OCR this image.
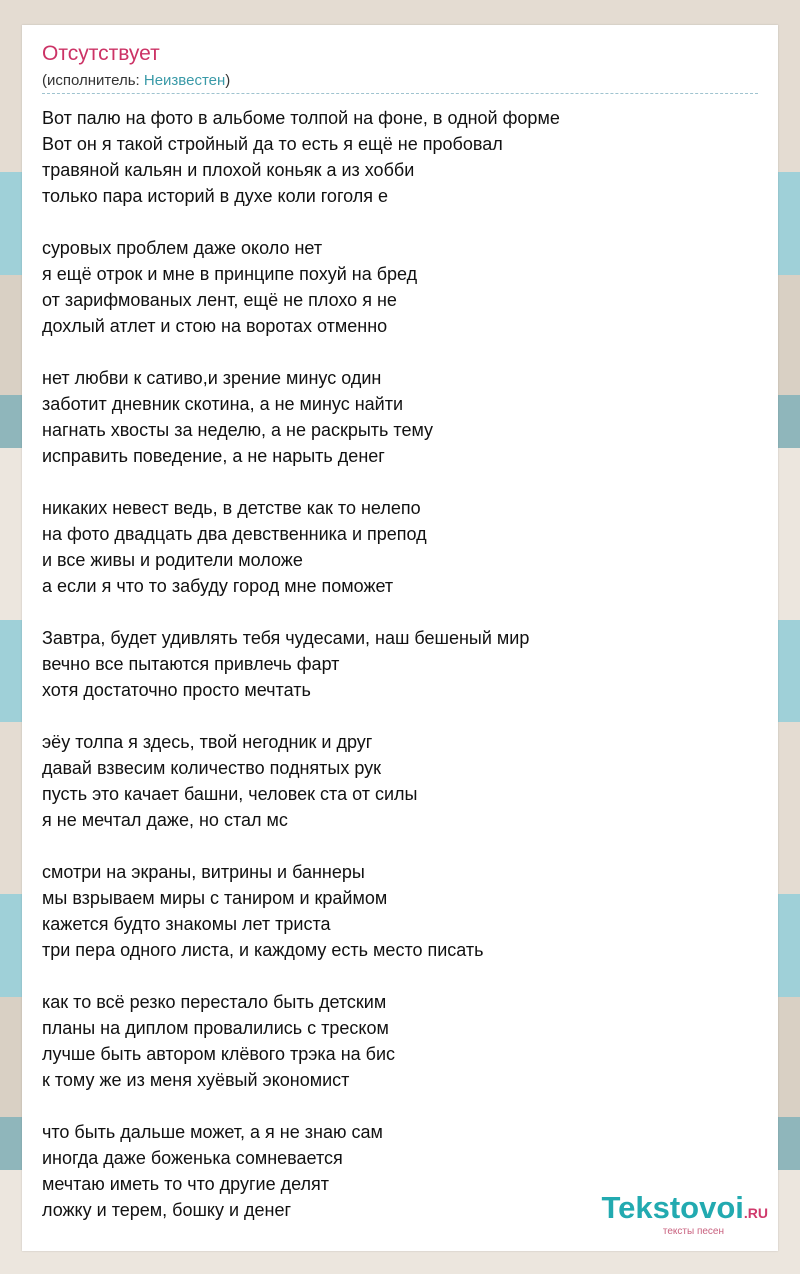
Отсутствует
(исполнитель: Неизвестен)
Вот палю на фото в альбоме толпой на фоне, в одной форме
Вот он я такой стройный да то есть я ещё не пробовал
травяной кальян и плохой коньяк а из хобби
только пара историй в духе коли гоголя е
суровых проблем даже около нет
я ещё отрок и мне в принципе похуй на бред
от зарифмованых лент, ещё не плохо я не
дохлый атлет и стою на воротах отменно
нет любви к сативо,и зрение минус один
заботит дневник скотина, а не минус найти
нагнать хвосты за неделю, а не раскрыть тему
исправить поведение, а не нарыть денег
никаких невест ведь, в детстве как то нелепо
на фото двадцать два девственника и препод
и все живы и родители моложе
а если я что то забуду город мне поможет
Завтра, будет удивлять тебя чудесами, наш бешеный мир
вечно все пытаются привлечь фарт
хотя достаточно просто мечтать
эёу толпа я здесь, твой негодник и друг
давай взвесим количество поднятых рук
пусть это качает башни, человек ста от силы
я не мечтал даже, но стал мс
смотри на экраны, витрины и баннеры
мы взрываем миры с таниром и краймом
кажется будто знакомы лет триста
три пера одного листа, и каждому есть место писать
как то всё резко перестало быть детским
планы на диплом провалились с треском
лучше быть автором клёвого трэка на бис
к тому же из меня хуёвый экономист
что быть дальше может, а я не знаю сам
иногда даже боженька сомневается
мечтаю иметь то что другие делят
ложку и терем, бошку и денег	Tekstovoi.RU
тексты песен
